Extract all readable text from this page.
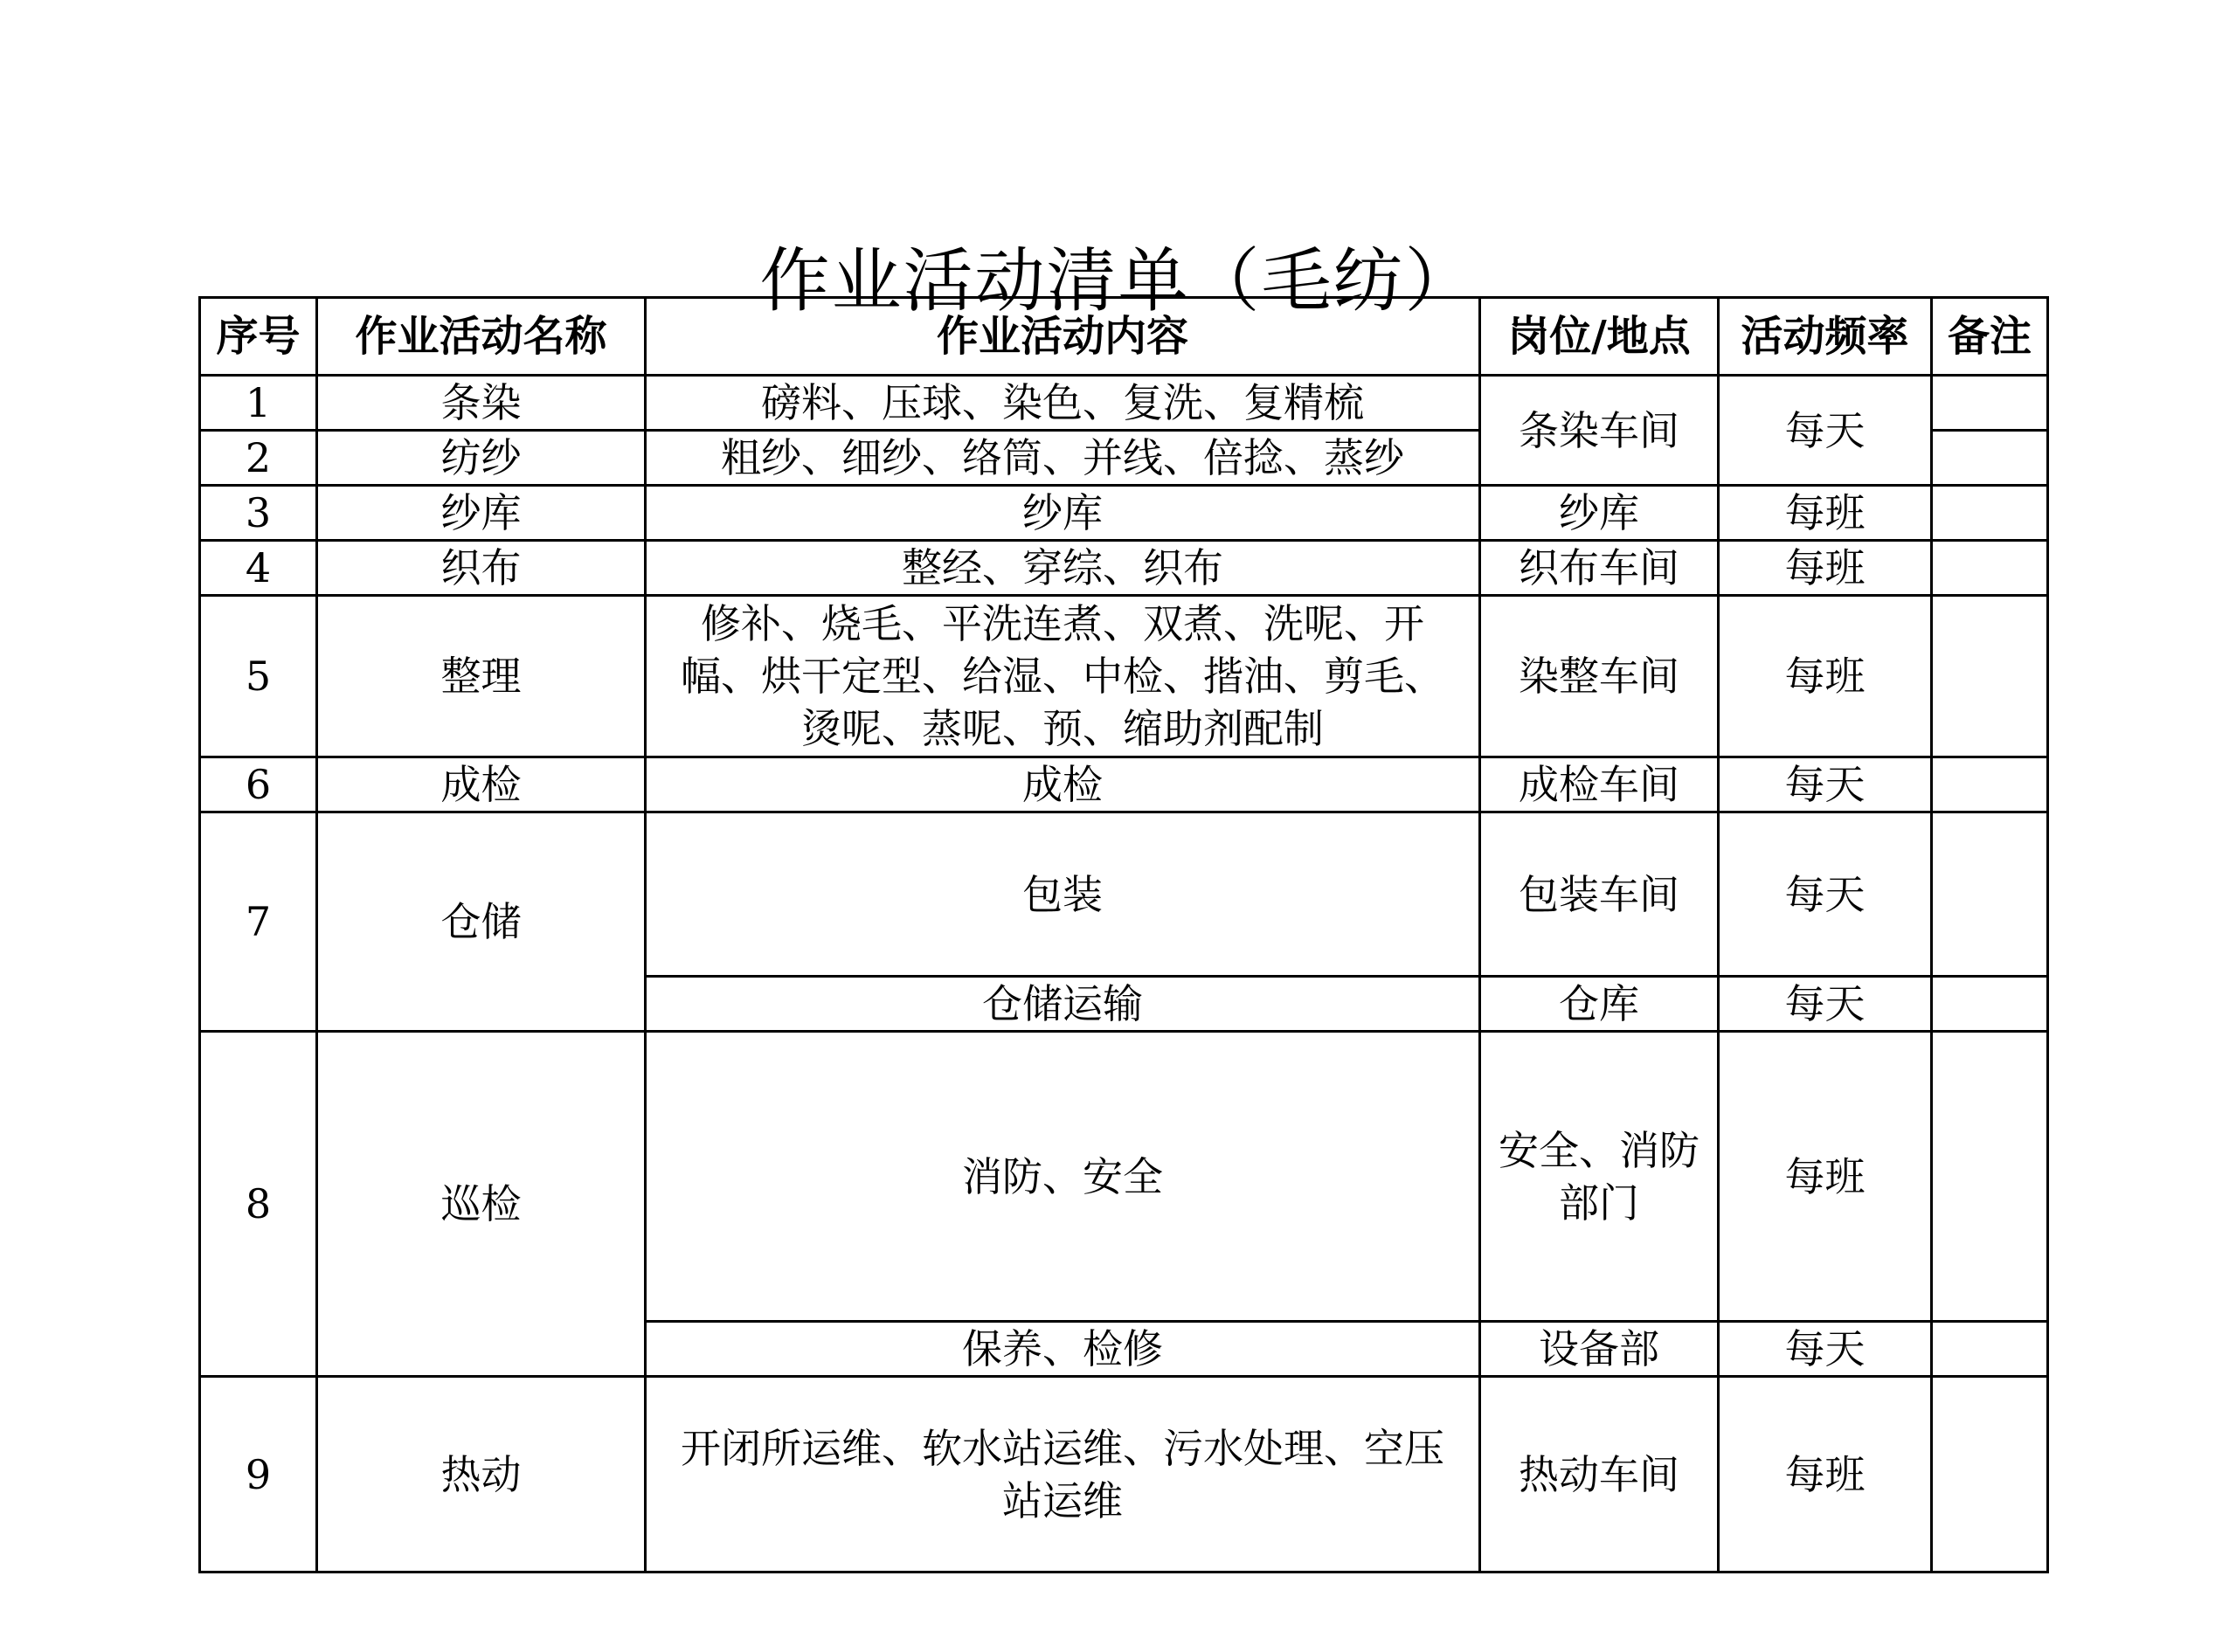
作业活动清单（毛纺）
序号	作业活动名称	作业活动内容	岗位/地点	活动频率	备注
1	条染	磅料、压球、染色、复洗、复精梳	条染车间	每天	
2	纺纱	粗纱、细纱、络筒、并线、倍捻、蒸纱			
3	纱库	纱库	纱库	每班	
4	织布	整经、穿综、织布	织布车间	每班	
5	整理	修补、烧毛、平洗连煮、双煮、洗呢、开幅、烘干定型、给湿、中检、揩油、剪毛、烫呢、蒸呢、预、缩助剂配制	染整车间	每班	
6	成检	成检	成检车间	每天	
7	仓储	包装	包装车间	每天	
		仓储运输	仓库	每天	
8	巡检	消防、安全	安全、消防部门	每班	
		保养、检修	设备部	每天	
9	热动	开闭所运维、软水站运维、污水处理、空压站运维	热动车间	每班	
